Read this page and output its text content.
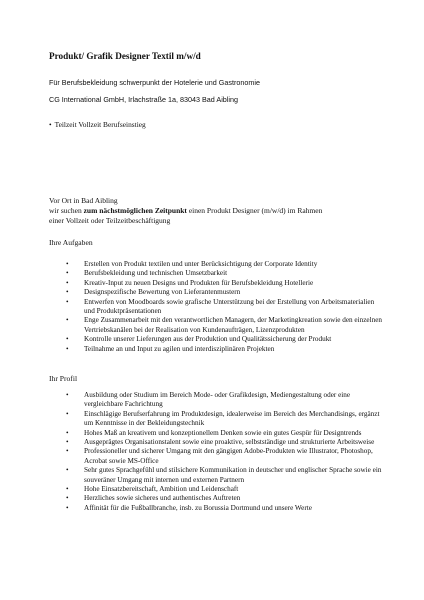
Produkt/ Grafik Designer Textil m/w/d
Für Berufsbekleidung schwerpunkt der Hotelerie und Gastronomie
CG International GmbH, Irlachstraße 1a, 83043 Bad Aibling
• Teilzeit Vollzeit Berufseinstieg
Vor Ort in Bad Aibling
wir suchen zum nächstmöglichen Zeitpunkt einen Produkt Designer (m/w/d) im Rahmen
einer Vollzeit oder Teilzeitbeschäftigung
Ihre Aufgaben
• Erstellen von Produkt textilen und unter Berücksichtigung der Corporate Identity
• Berufsbekleidung und technischen Umsetzbarkeit
• Kreativ-Input zu neuen Designs und Produkten für Berufsbekleidung Hotellerie
• Designspezifische Bewertung von Lieferantenmustern
• Entwerfen von Moodboards sowie grafische Unterstützung bei der Erstellung von Arbeitsmaterialien und Produktpräsentationen
• Enge Zusammenarbeit mit den verantwortlichen Managern, der Marketingkreation sowie den einzelnen Vertriebskanälen bei der Realisation von Kundenaufträgen, Lizenzprodukten
• Kontrolle unserer Lieferungen aus der Produktion und Qualitätssicherung der Produkt
• Teilnahme an und Input zu agilen und interdisziplinären Projekten
Ihr Profil
• Ausbildung oder Studium im Bereich Mode- oder Grafikdesign, Mediengestaltung oder eine vergleichbare Fachrichtung
• Einschlägige Berufserfahrung im Produktdesign, idealerweise im Bereich des Merchandisings, ergänzt um Kenntnisse in der Bekleidungstechnik
• Hohes Maß an kreativem und konzeptionellem Denken sowie ein gutes Gespür für Designtrends
• Ausgeprägtes Organisationstalent sowie eine proaktive, selbstständige und strukturierte Arbeitsweise
• Professioneller und sicherer Umgang mit den gängigen Adobe-Produkten wie Illustrator, Photoshop, Acrobat sowie MS-Office
• Sehr gutes Sprachgefühl und stilsichere Kommunikation in deutscher und englischer Sprache sowie ein souveräner Umgang mit internen und externen Partnern
• Hohe Einsatzbereitschaft, Ambition und Leidenschaft
• Herzliches sowie sicheres und authentisches Auftreten
• Affinität für die Fußballbranche, insb. zu Borussia Dortmund und unsere Werte
